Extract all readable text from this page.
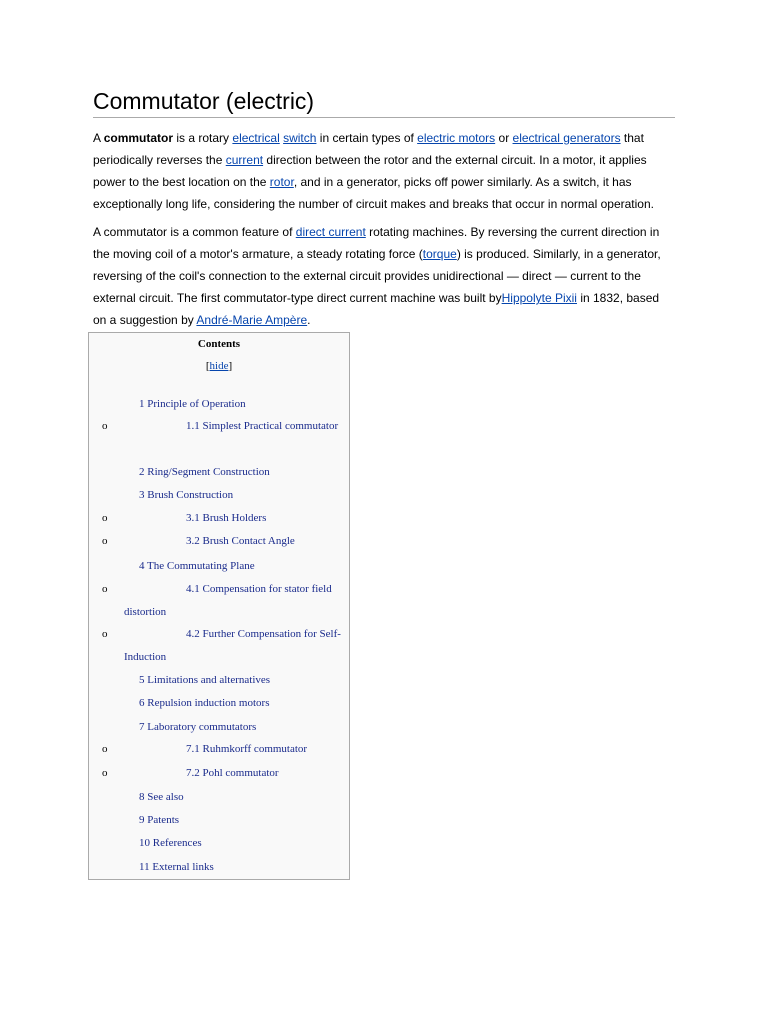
Commutator (electric)

A commutator is a rotary electrical switch in certain types of electric motors or electrical generators that periodically reverses the current direction between the rotor and the external circuit. In a motor, it applies power to the best location on the rotor, and in a generator, picks off power similarly. As a switch, it has exceptionally long life, considering the number of circuit makes and breaks that occur in normal operation.

A commutator is a common feature of direct current rotating machines. By reversing the current direction in the moving coil of a motor's armature, a steady rotating force (torque) is produced. Similarly, in a generator, reversing of the coil's connection to the external circuit provides unidirectional — direct — current to the external circuit. The first commutator-type direct current machine was built byHippolyte Pixii in 1832, based on a suggestion by André-Marie Ampère.

Contents
[hide]
1 Principle of Operation
o	1.1 Simplest Practical commutator
2 Ring/Segment Construction
3 Brush Construction
o	3.1 Brush Holders
o	3.2 Brush Contact Angle
4 The Commutating Plane
o	4.1 Compensation for stator field distortion
o	4.2 Further Compensation for Self-Induction
5 Limitations and alternatives
6 Repulsion induction motors
7 Laboratory commutators
o	7.1 Ruhmkorff commutator
o	7.2 Pohl commutator
8 See also
9 Patents
10 References
11 External links
